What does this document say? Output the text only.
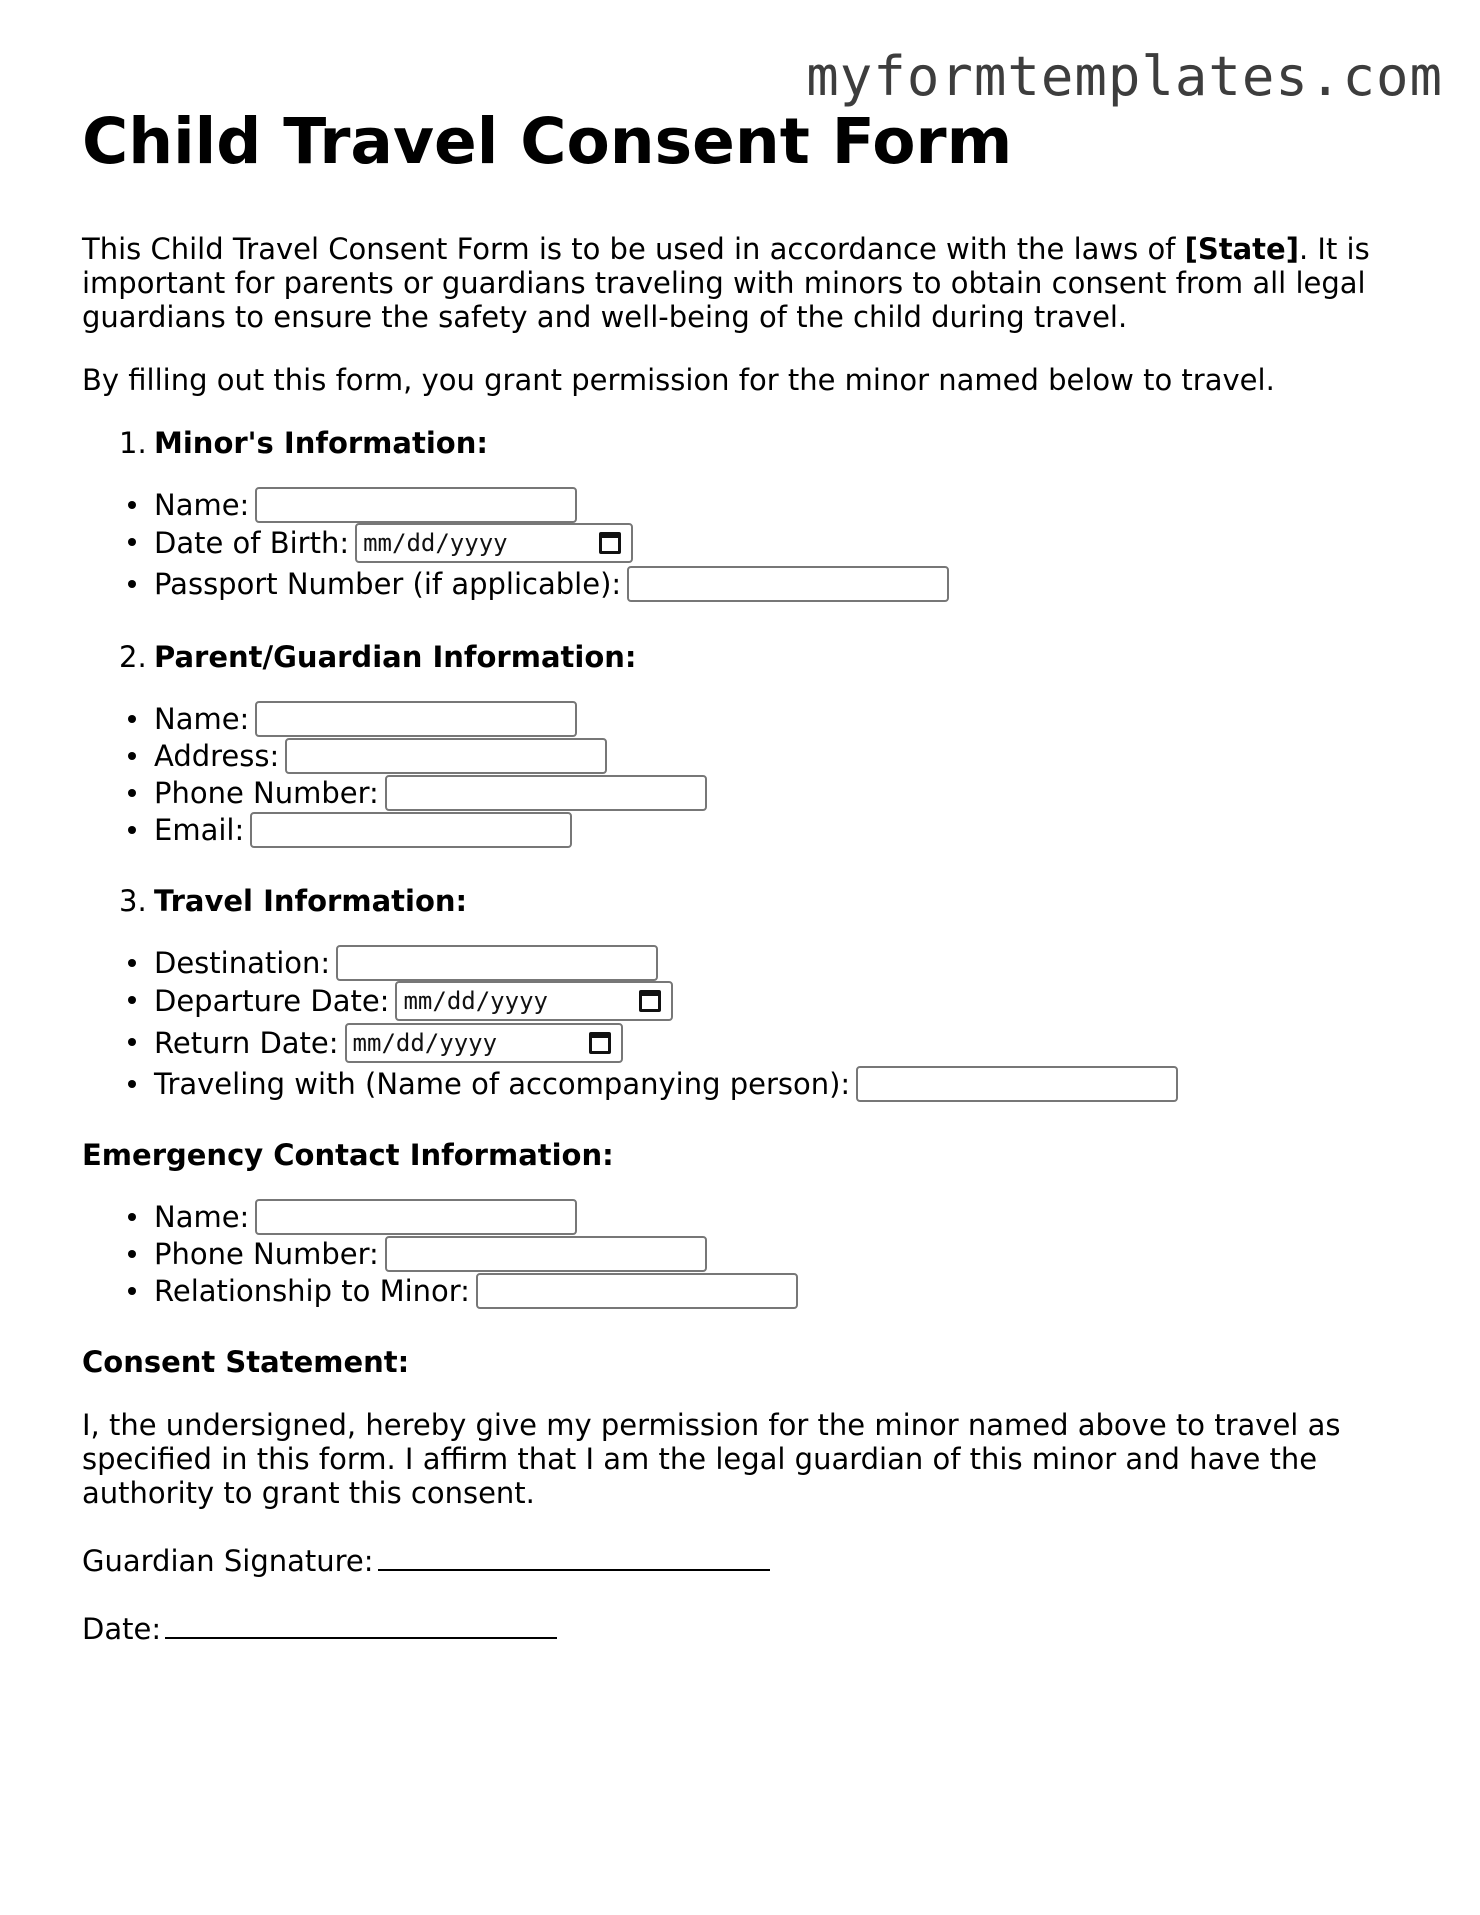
myformtemplates.com
Child Travel Consent Form

This Child Travel Consent Form is to be used in accordance with the laws of [State]. It is important for parents or guardians traveling with minors to obtain consent from all legal guardians to ensure the safety and well-being of the child during travel.

By filling out this form, you grant permission for the minor named below to travel.

1. Minor's Information:
Name:
Date of Birth: mm/dd/yyyy
Passport Number (if applicable):
2. Parent/Guardian Information:
Name:
Address:
Phone Number:
Email:
3. Travel Information:
Destination:
Departure Date: mm/dd/yyyy
Return Date: mm/dd/yyyy
Traveling with (Name of accompanying person):
Emergency Contact Information:
Name:
Phone Number:
Relationship to Minor:
Consent Statement:

I, the undersigned, hereby give my permission for the minor named above to travel as specified in this form. I affirm that I am the legal guardian of this minor and have the authority to grant this consent.

Guardian Signature:

Date:
